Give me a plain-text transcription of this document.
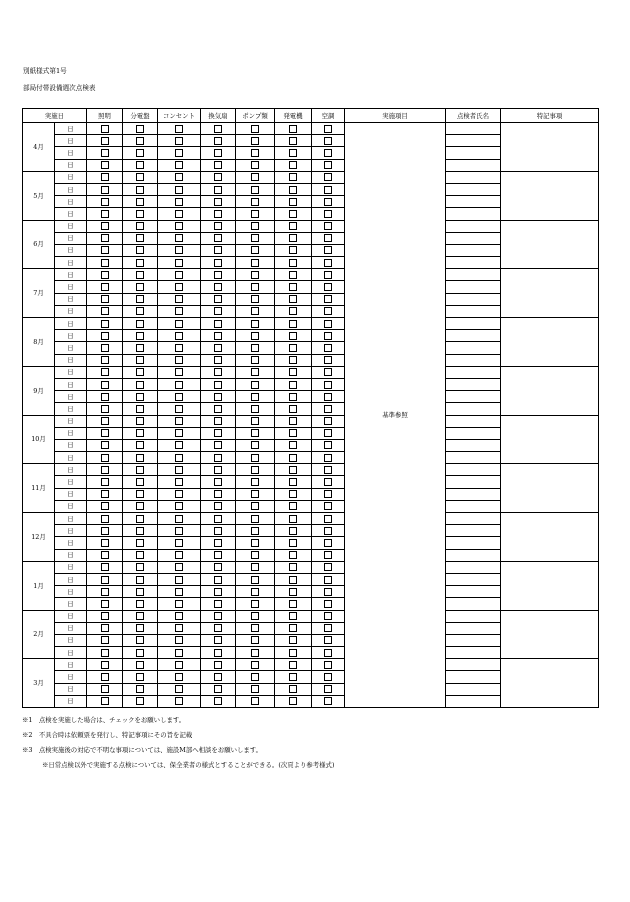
別紙様式第1号
部局付帯設備週次点検表
実施日		照明	分電盤	コンセント	換気扇	ポンプ類	発電機	空調	実施項目	点検者氏名	特記事項
4月	日								基準参照		
	日										
	日										
	日										
5月	日										
	日										
	日										
	日										
6月	日										
	日										
	日										
	日										
7月	日										
	日										
	日										
	日										
8月	日										
	日										
	日										
	日										
9月	日										
	日										
	日										
	日										
10月	日										
	日										
	日										
	日										
11月	日										
	日										
	日										
	日										
12月	日										
	日										
	日										
	日										
1月	日										
	日										
	日										
	日										
2月	日										
	日										
	日										
	日										
3月	日										
	日										
	日										
	日										
※1　点検を実施した場合は、チェックをお願いします。
※2　不具合時は依頼票を発行し、特記事項にその旨を記載
※3　点検実施後の対応で不明な事項については、施設M部へ相談をお願いします。
※日常点検以外で実施する点検については、保全業者の様式とすることができる。(次頁より参考様式)
